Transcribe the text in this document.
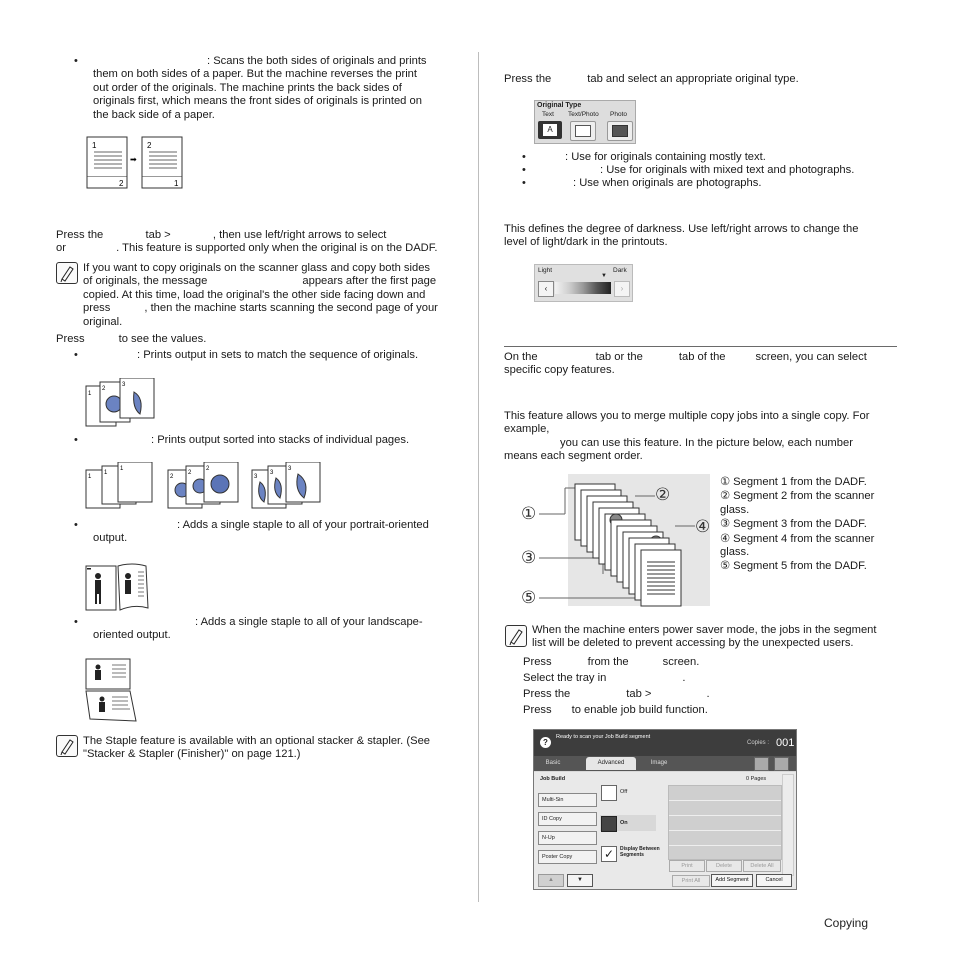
•	: Scans the both sides of originals and prints
them on both sides of a paper. But the machine reverses the print
out order of the originals. The machine prints the back sides of
originals first, which means the front sides of originals is printed on
the back side of a paper.
1
2
➡
2
1
Press the	tab >	, then use left/right arrows to select
or	. This feature is supported only when the original is on the DADF.
If you want to copy originals on the scanner glass and copy both sides
of originals, the message	appears after the first page
copied. At this time, load the original's the other side facing down and
press	, then the machine starts scanning the second page of your
original.
Press	to see the values.
•	: Prints output in sets to match the sequence of originals.
1
2
3
•	: Prints output sorted into stacks of individual pages.
1
1
1
2
2
2
3
3
3
•	: Adds a single staple to all of your portrait-oriented
output.
•	: Adds a single staple to all of your landscape-
oriented output.
The Staple feature is available with an optional stacker & stapler. (See
"Stacker & Stapler (Finisher)" on page 121.)
Press the	tab and select an appropriate original type.
Original Type
Text Text/Photo Photo
A
•	: Use for originals containing mostly text.
•	: Use for originals with mixed text and photographs.
•	: Use when originals are photographs.
This defines the degree of darkness. Use left/right arrows to change the
level of light/dark in the printouts.
Light	Dark
▼
‹	›
On the	tab or the	tab of the	screen, you can select
specific copy features.
This feature allows you to merge multiple copy jobs into a single copy. For
example,
you can use this feature. In the picture below, each number
means each segment order.
①
②
③
④
⑤
① Segment 1 from the DADF.
② Segment 2 from the scanner
glass.
③ Segment 3 from the DADF.
④ Segment 4 from the scanner
glass.
⑤ Segment 5 from the DADF.
When the machine enters power saver mode, the jobs in the segment
list will be deleted to prevent accessing by the unexpected users.
Press	from the	screen.
Select the tray in	.
Press the	tab >	.
Press to enable job build function.
?
Ready to scan your Job Build segment
Copies : 001
Basic	Advanced	Image
Job Build	0 Pages
Multi-Sin
ID Copy
N-Up
Poster Copy
Off
On
✓	Display Between Segments
Print	Delete	Delete All
▲	▼	Print All	Add Segment	Cancel
Copying
